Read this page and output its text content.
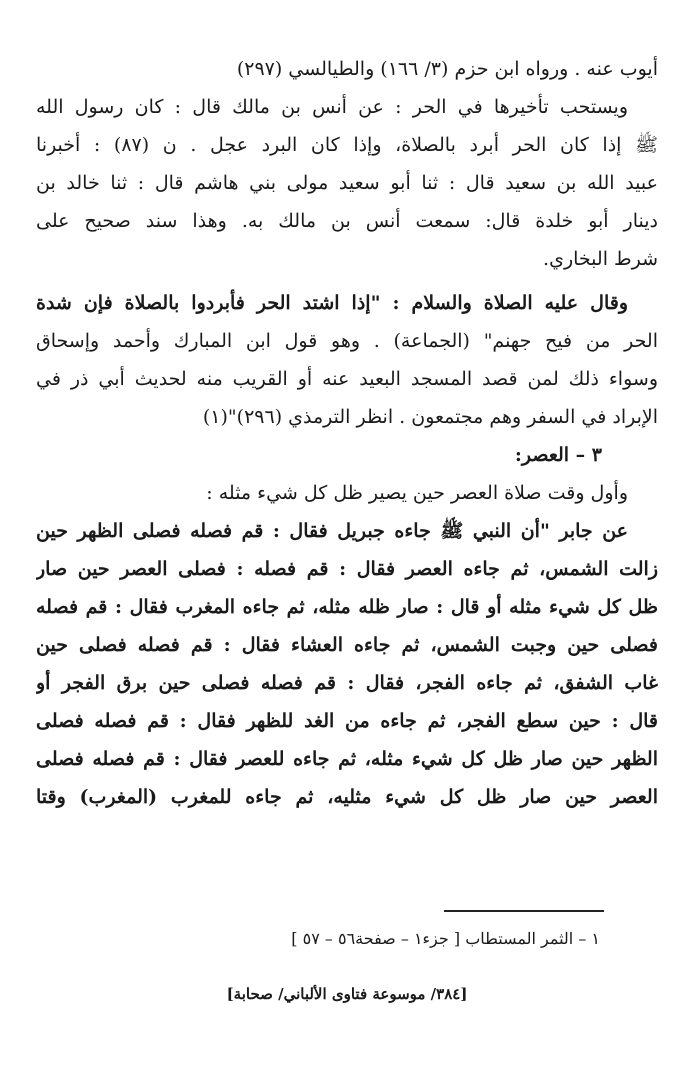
أيوب عنه . ورواه ابن حزم (٣/ ١٦٦) والطيالسي (٢٩٧)
ويستحب تأخيرها في الحر : عن أنس بن مالك قال : كان رسول الله
ﷺ إذا كان الحر أبرد بالصلاة، وإذا كان البرد عجل . ن (٨٧) : أخبرنا
عبيد الله بن سعيد قال : ثنا أبو سعيد مولى بني هاشم قال : ثنا خالد بن
دينار أبو خلدة قال: سمعت أنس بن مالك به. وهذا سند صحيح على
شرط البخاري.
وقال عليه الصلاة والسلام : "إذا اشتد الحر فأبردوا بالصلاة فإن شدة
الحر من فيح جهنم" (الجماعة) . وهو قول ابن المبارك وأحمد وإسحاق
وسواء ذلك لمن قصد المسجد البعيد عنه أو القريب منه لحديث أبي ذر في
الإبراد في السفر وهم مجتمعون . انظر الترمذي (٢٩٦)"(١)
٣ – العصر:
وأول وقت صلاة العصر حين يصير ظل كل شيء مثله :
عن جابر "أن النبي ﷺ جاءه جبريل فقال : قم فصله فصلى الظهر حين
زالت الشمس، ثم جاءه العصر فقال : قم فصله : فصلى العصر حين صار
ظل كل شيء مثله أو قال : صار ظله مثله، ثم جاءه المغرب فقال : قم فصله
فصلى حين وجبت الشمس، ثم جاءه العشاء فقال : قم فصله فصلى حين
غاب الشفق، ثم جاءه الفجر، فقال : قم فصله فصلى حين برق الفجر أو
قال : حين سطع الفجر، ثم جاءه من الغد للظهر فقال : قم فصله فصلى
الظهر حين صار ظل كل شيء مثله، ثم جاءه للعصر فقال : قم فصله فصلى
العصر حين صار ظل كل شيء مثليه، ثم جاءه للمغرب (المغرب) وقتا
١ – الثمر المستطاب [ جزء١ – صفحة٥٦ – ٥٧ ]
[٣٨٤/ موسوعة فتاوى الألباني/ صحابة]
